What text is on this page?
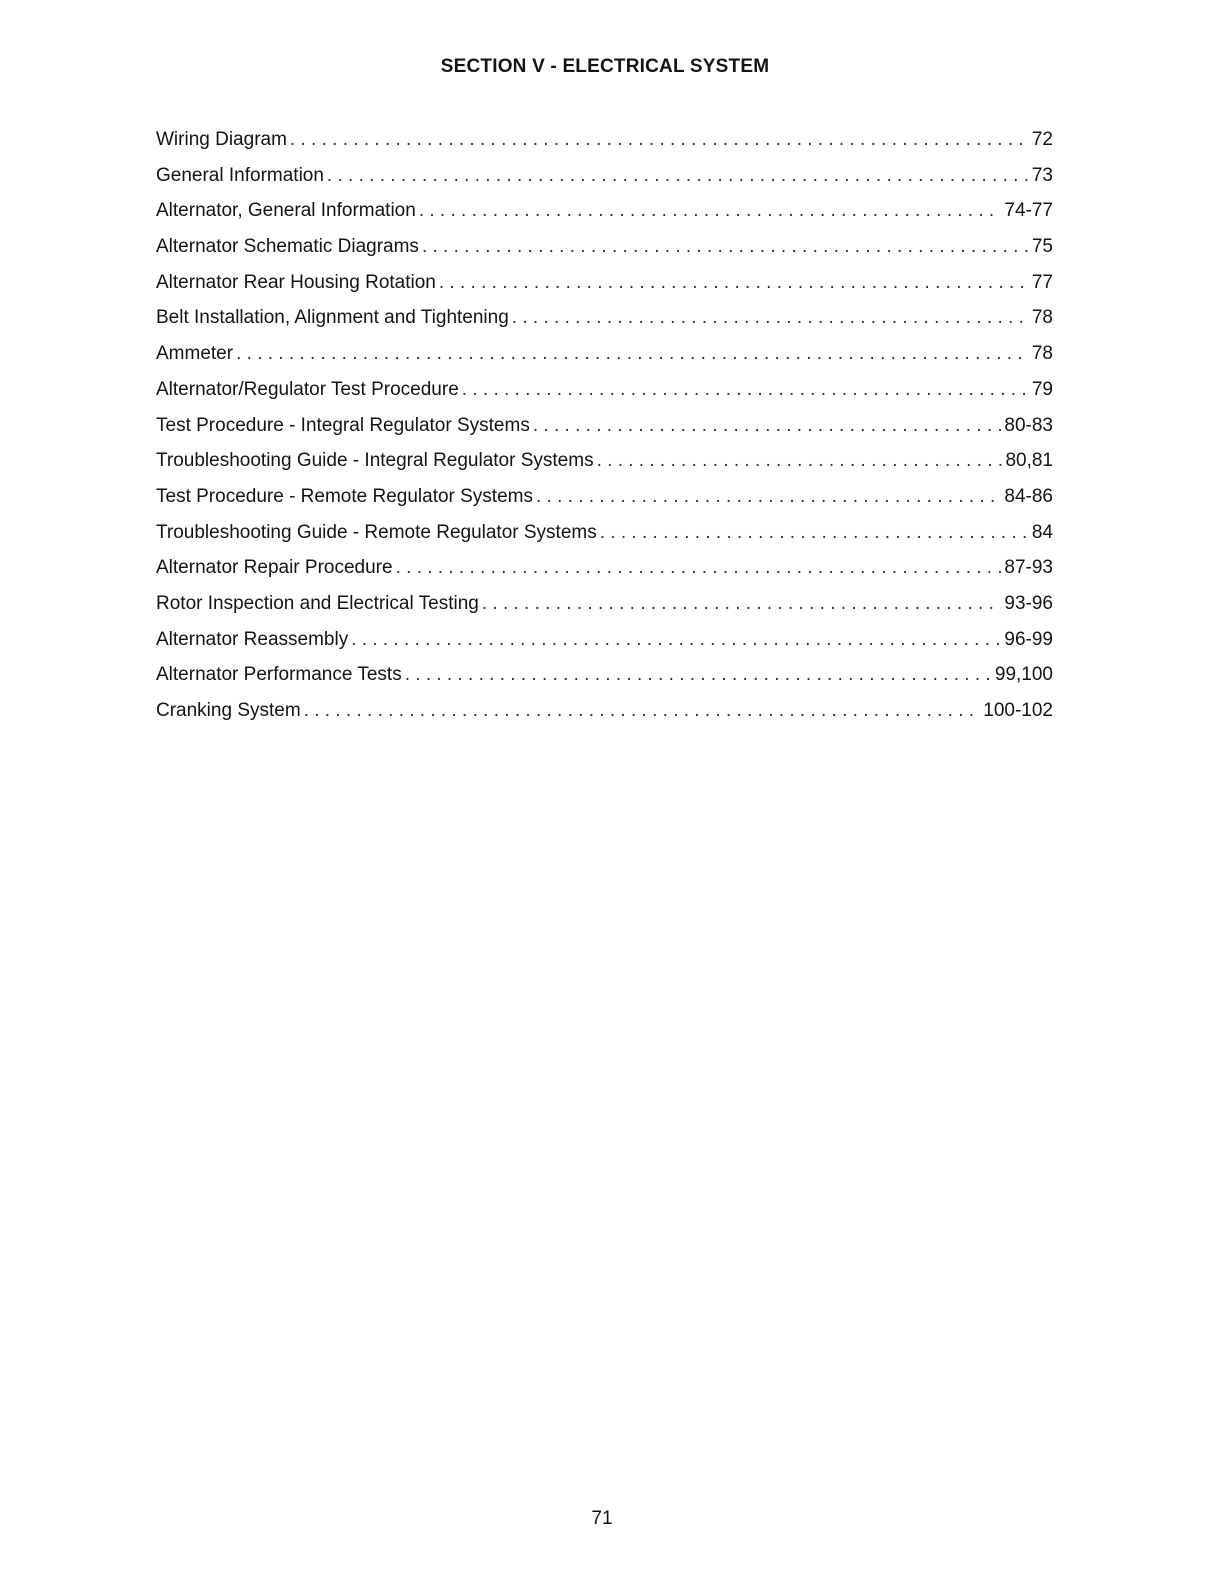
SECTION V - ELECTRICAL SYSTEM
Wiring Diagram . . .	72
General Information . . .	73
Alternator, General Information . . .	74-77
Alternator Schematic Diagrams . . .	75
Alternator Rear Housing Rotation . . .	77
Belt Installation, Alignment and Tightening . . .	78
Ammeter . . .	78
Alternator/Regulator Test Procedure . . .	79
Test Procedure - Integral Regulator Systems . . .	80-83
Troubleshooting Guide - Integral Regulator Systems . . .	80,81
Test Procedure - Remote Regulator Systems . . .	84-86
Troubleshooting Guide - Remote Regulator Systems . . .	84
Alternator Repair Procedure . . .	87-93
Rotor Inspection and Electrical Testing . . .	93-96
Alternator Reassembly . . .	96-99
Alternator Performance Tests . . .	99,100
Cranking System . . .	100-102
71
